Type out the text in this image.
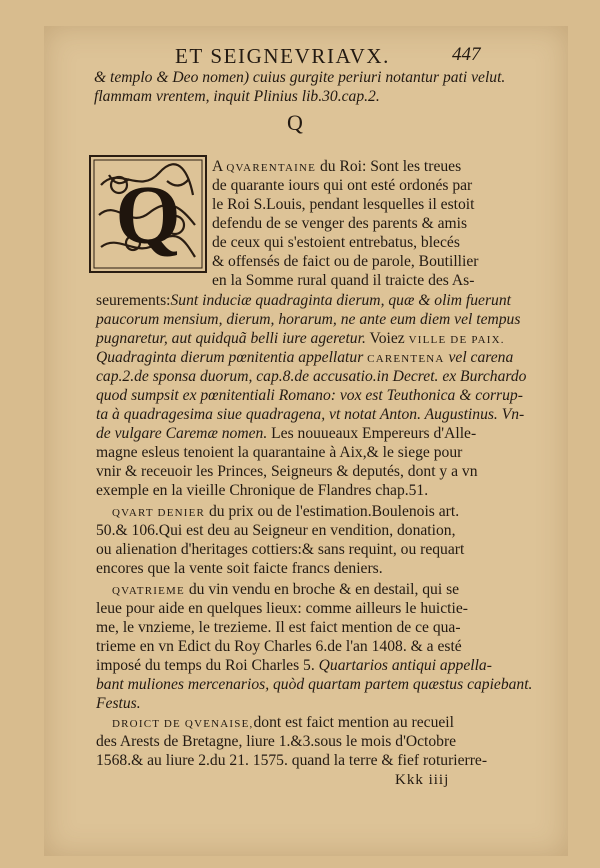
ET SEIGNEVRIAVX.	447
& templo & Deo nomen) cuius gurgite periuri notantur pati velut.
flammam vrentem, inquit Plinius lib.30.cap.2.
Q
Q
A QVARENTAINE du Roi: Sont les treues
de quarante iours qui ont esté ordonés par
le Roi S.Louis, pendant lesquelles il estoit
defendu de se venger des parents & amis
de ceux qui s'estoient entrebatus, blecés
& offensés de faict ou de parole, Boutillier
en la Somme rural quand il traicte des As-
seurements:Sunt induciæ quadraginta dierum, quæ & olim fuerunt
paucorum mensium, dierum, horarum, ne ante eum diem vel tempus
pugnaretur, aut quidquã belli iure ageretur. Voiez VILLE DE PAIX.
Quadraginta dierum pœnitentia appellatur CARENTENA vel carena
cap.2.de sponsa duorum, cap.8.de accusatio.in Decret. ex Burchardo
quod sumpsit ex pœnitentiali Romano: vox est Teuthonica & corrup-
ta à quadragesima siue quadragena, vt notat Anton. Augustinus. Vn-
de vulgare Caremæ nomen. Les nouueaux Empereurs d'Alle-
magne esleus tenoient la quarantaine à Aix,& le siege pour
vnir & receuoir les Princes, Seigneurs & deputés, dont y a vn
exemple en la vieille Chronique de Flandres chap.51.
QVART DENIER du prix ou de l'estimation.Boulenois art.
50.& 106.Qui est deu au Seigneur en vendition, donation,
ou alienation d'heritages cottiers:& sans requint, ou requart
encores que la vente soit faicte francs deniers.
QVATRIEME du vin vendu en broche & en destail, qui se
leue pour aide en quelques lieux: comme ailleurs le huictie-
me, le vnzieme, le trezieme. Il est faict mention de ce qua-
trieme en vn Edict du Roy Charles 6.de l'an 1408. & a esté
imposé du temps du Roi Charles 5. Quartarios antiqui appella-
bant muliones mercenarios, quòd quartam partem quæstus capiebant.
Festus.
DROICT DE QVENAISE,dont est faict mention au recueil
des Arests de Bretagne, liure 1.&3.sous le mois d'Octobre
1568.& au liure 2.du 21. 1575. quand la terre & fief roturierre-
Kkk iiij
